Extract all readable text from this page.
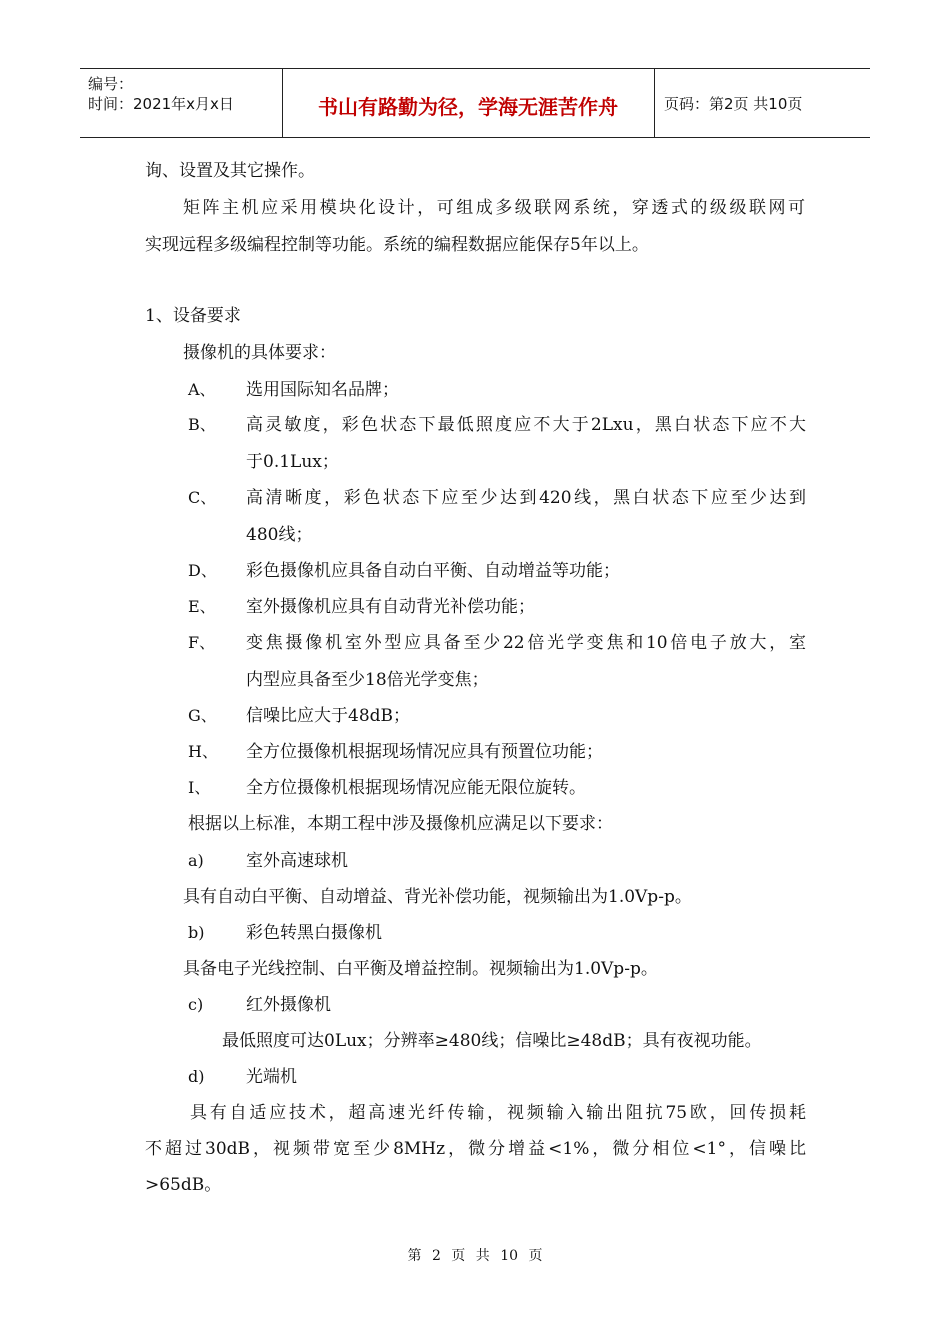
编号：
时间：2021年x月x日	书山有路勤为径，学海无涯苦作舟	页码：第2页 共10页
询、设置及其它操作。
矩阵主机应采用模块化设计，可组成多级联网系统，穿透式的级级联网可
实现远程多级编程控制等功能。系统的编程数据应能保存5年以上。
1、设备要求
摄像机的具体要求：
A、 选用国际知名品牌；
B、 高灵敏度，彩色状态下最低照度应不大于2Lxu，黑白状态下应不大
于0.1Lux；
C、 高清晰度，彩色状态下应至少达到420线，黑白状态下应至少达到
480线；
D、 彩色摄像机应具备自动白平衡、自动增益等功能；
E、 室外摄像机应具有自动背光补偿功能；
F、 变焦摄像机室外型应具备至少22倍光学变焦和10倍电子放大，室
内型应具备至少18倍光学变焦；
G、 信噪比应大于48dB；
H、 全方位摄像机根据现场情况应具有预置位功能；
I、 全方位摄像机根据现场情况应能无限位旋转。
根据以上标准，本期工程中涉及摄像机应满足以下要求：
a) 室外高速球机
具有自动白平衡、自动增益、背光补偿功能，视频输出为1.0Vp-p。
b) 彩色转黑白摄像机
具备电子光线控制、白平衡及增益控制。视频输出为1.0Vp-p。
c)	红外摄像机
最低照度可达0Lux；分辨率≥480线；信噪比≥48dB；具有夜视功能。
d) 光端机
具有自适应技术，超高速光纤传输，视频输入输出阻抗75欧，回传损耗
不超过30dB，视频带宽至少8MHz，微分增益<1%，微分相位<1°，信噪比
>65dB。
第 2 页 共 10 页
